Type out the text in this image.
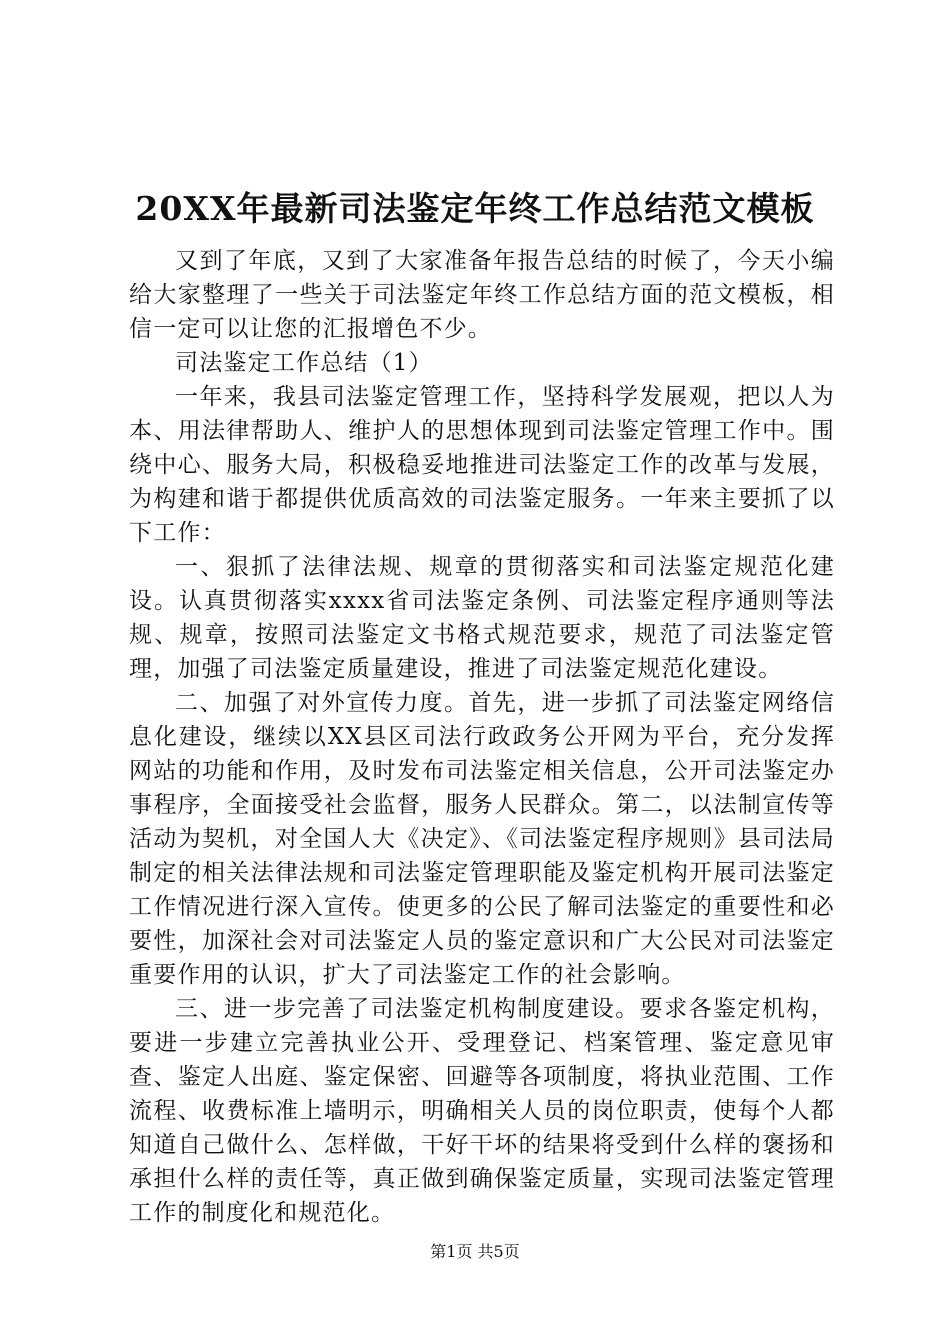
20XX年最新司法鉴定年终工作总结范文模板

又到了年底，又到了大家准备年报告总结的时候了，今天小编给大家整理了一些关于司法鉴定年终工作总结方面的范文模板，相信一定可以让您的汇报增色不少。

司法鉴定工作总结（1）

一年来，我县司法鉴定管理工作，坚持科学发展观，把以人为本、用法律帮助人、维护人的思想体现到司法鉴定管理工作中。围绕中心、服务大局，积极稳妥地推进司法鉴定工作的改革与发展，为构建和谐于都提供优质高效的司法鉴定服务。一年来主要抓了以下工作：

一、狠抓了法律法规、规章的贯彻落实和司法鉴定规范化建设。认真贯彻落实xxxx省司法鉴定条例、司法鉴定程序通则等法规、规章，按照司法鉴定文书格式规范要求，规范了司法鉴定管理，加强了司法鉴定质量建设，推进了司法鉴定规范化建设。

二、加强了对外宣传力度。首先，进一步抓了司法鉴定网络信息化建设，继续以XX县区司法行政政务公开网为平台，充分发挥网站的功能和作用，及时发布司法鉴定相关信息，公开司法鉴定办事程序，全面接受社会监督，服务人民群众。第二，以法制宣传等活动为契机，对全国人大《决定》、《司法鉴定程序规则》县司法局制定的相关法律法规和司法鉴定管理职能及鉴定机构开展司法鉴定工作情况进行深入宣传。使更多的公民了解司法鉴定的重要性和必要性，加深社会对司法鉴定人员的鉴定意识和广大公民对司法鉴定重要作用的认识，扩大了司法鉴定工作的社会影响。

三、进一步完善了司法鉴定机构制度建设。要求各鉴定机构，要进一步建立完善执业公开、受理登记、档案管理、鉴定意见审查、鉴定人出庭、鉴定保密、回避等各项制度，将执业范围、工作流程、收费标准上墙明示，明确相关人员的岗位职责，使每个人都知道自己做什么、怎样做，干好干坏的结果将受到什么样的褒扬和承担什么样的责任等，真正做到确保鉴定质量，实现司法鉴定管理工作的制度化和规范化。

第1页 共5页
